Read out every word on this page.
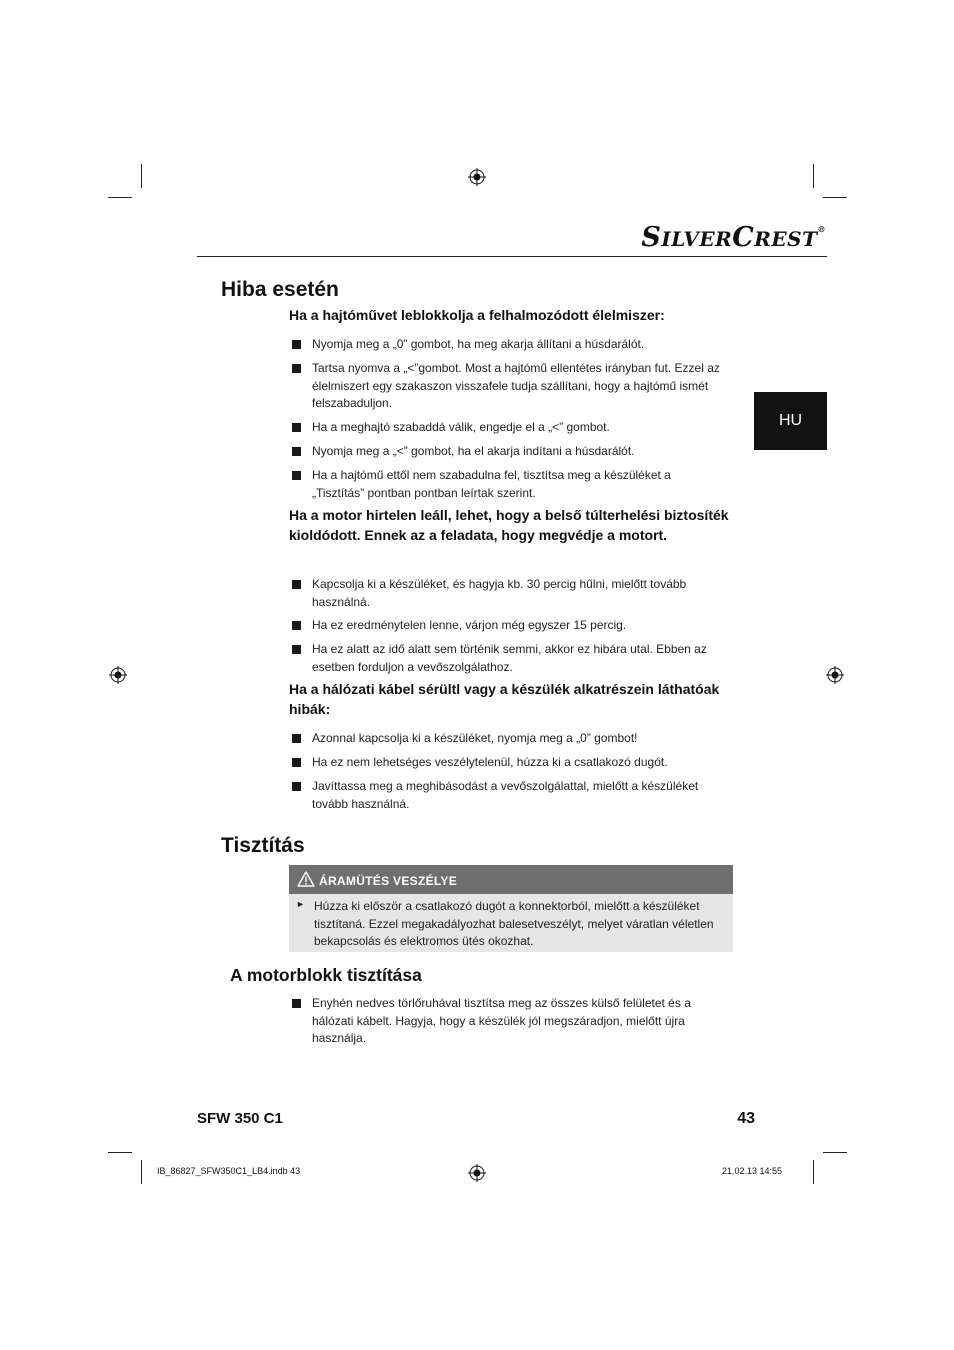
SILVERCREST®
HU
Hiba esetén
Ha a hajtóművet leblokkolja a felhalmozódott élelmiszer:
Nyomja meg a „0” gombot, ha meg akarja állítani a húsdarálót.
Tartsa nyomva a „<”gombot. Most a hajtómű ellentétes irányban fut. Ezzel az élelmiszert egy szakaszon visszafele tudja szállítani, hogy a hajtómű ismét felszabaduljon.
Ha a meghajtó szabaddá válik, engedje el a „<” gombot.
Nyomja meg a „<” gombot, ha el akarja indítani a húsdarálót.
Ha a hajtómű ettől nem szabadulna fel, tisztítsa meg a készüléket a „Tisztítás” pontban pontban leírtak szerint.
Ha a motor hirtelen leáll, lehet, hogy a belső túlterhelési biztosíték kioldódott. Ennek az a feladata, hogy megvédje a motort.
Kapcsolja ki a készüléket, és hagyja kb. 30 percig hűlni, mielőtt tovább használná.
Ha ez eredménytelen lenne, várjon még egyszer 15 percig.
Ha ez alatt az idő alatt sem történik semmi, akkor ez hibára utal. Ebben az esetben forduljon a vevőszolgálathoz.
Ha a hálózati kábel sérültl vagy a készülék alkatrészein láthatóak hibák:
Azonnal kapcsolja ki a készüléket, nyomja meg a „0” gombot!
Ha ez nem lehetséges veszélytelenül, húzza ki a csatlakozó dugót.
Javíttassa meg a meghibásodást a vevőszolgálattal, mielőtt a készüléket tovább használná.
Tisztítás
ÁRAMÜTÉS VESZÉLYE
► Húzza ki először a csatlakozó dugót a konnektorból, mielőtt a készüléket tisztítaná. Ezzel megakadályozhat balesetveszélyt, melyet váratlan véletlen bekapcsolás és elektromos ütés okozhat.
A motorblokk tisztítása
Enyhén nedves törlőruhával tisztítsa meg az összes külső felületet és a hálózati kábelt. Hagyja, hogy a készülék jól megszáradjon, mielőtt újra használja.
SFW 350 C1	43
IB_86827_SFW350C1_LB4.indb 43	21.02.13 14:55
